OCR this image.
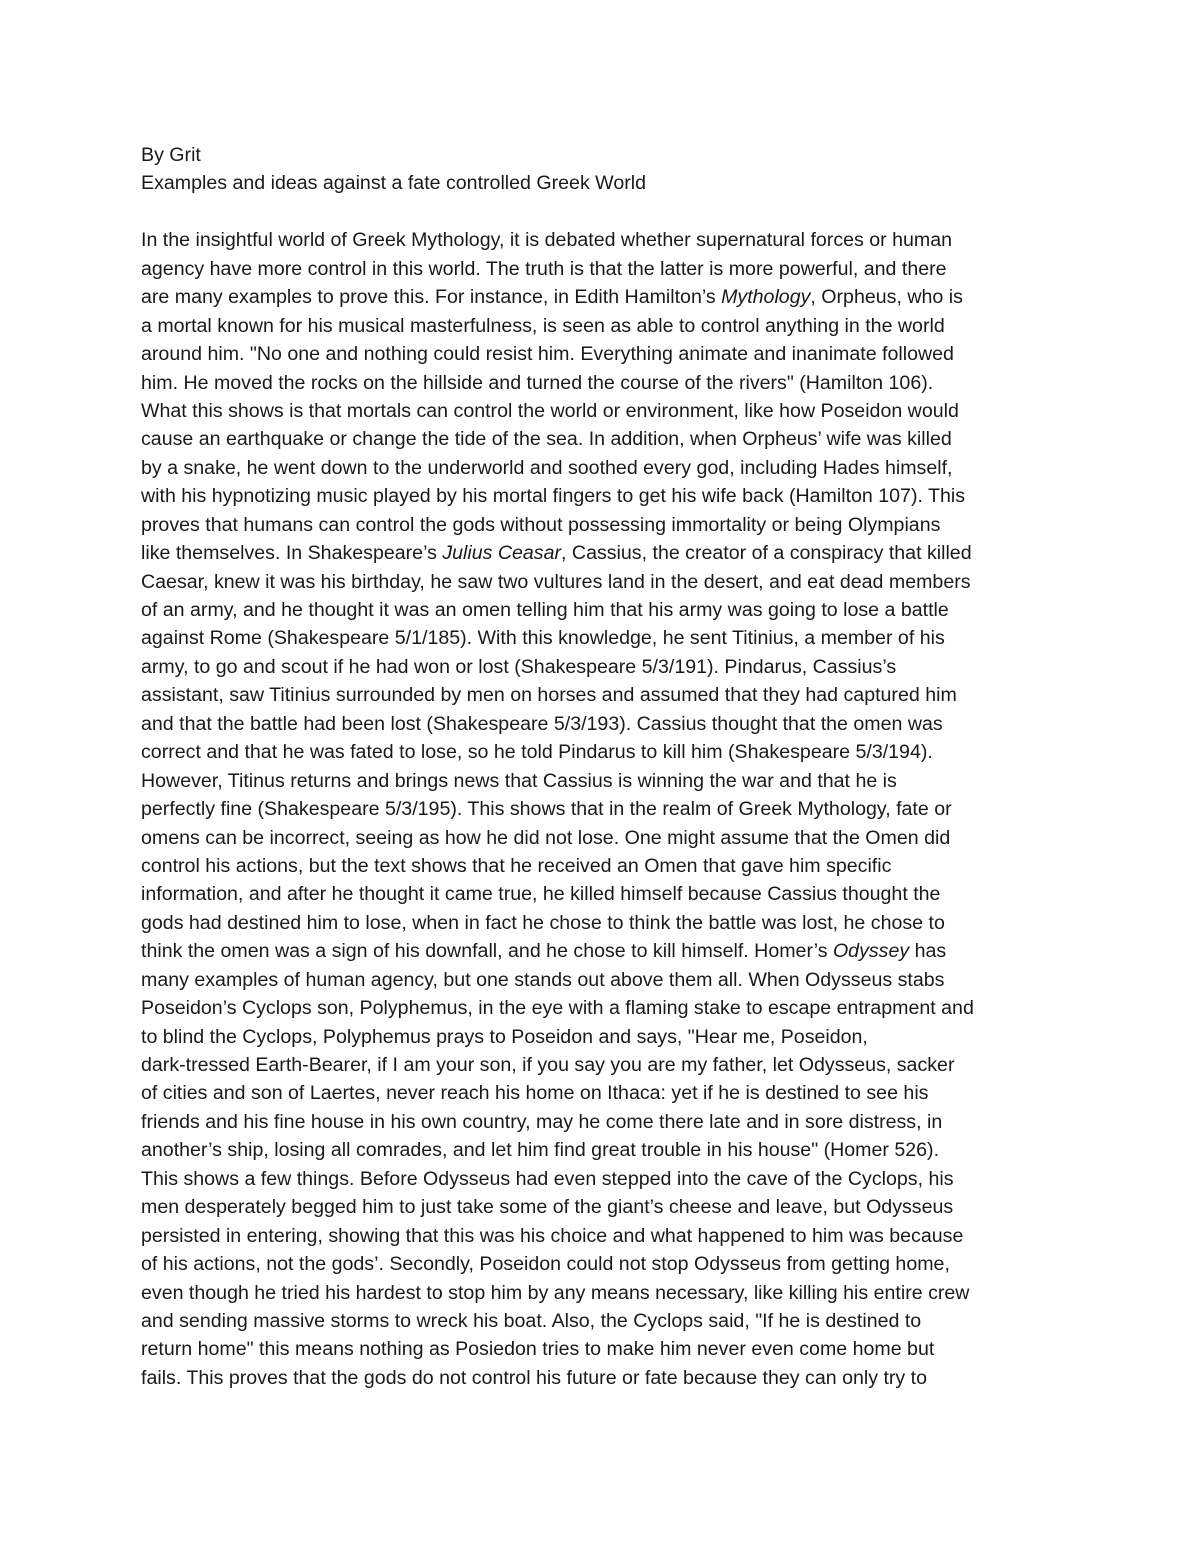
By Grit
Examples and ideas against a fate controlled Greek World
In the insightful world of Greek Mythology, it is debated whether supernatural forces or human
agency have more control in this world. The truth is that the latter is more powerful, and there
are many examples to prove this. For instance, in Edith Hamilton’s Mythology, Orpheus, who is
a mortal known for his musical masterfulness, is seen as able to control anything in the world
around him. "No one and nothing could resist him. Everything animate and inanimate followed
him. He moved the rocks on the hillside and turned the course of the rivers" (Hamilton 106).
What this shows is that mortals can control the world or environment, like how Poseidon would
cause an earthquake or change the tide of the sea. In addition, when Orpheus’ wife was killed
by a snake, he went down to the underworld and soothed every god, including Hades himself,
with his hypnotizing music played by his mortal fingers to get his wife back (Hamilton 107). This
proves that humans can control the gods without possessing immortality or being Olympians
like themselves. In Shakespeare’s Julius Ceasar, Cassius, the creator of a conspiracy that killed
Caesar, knew it was his birthday, he saw two vultures land in the desert, and eat dead members
of an army, and he thought it was an omen telling him that his army was going to lose a battle
against Rome (Shakespeare 5/1/185). With this knowledge, he sent Titinius, a member of his
army, to go and scout if he had won or lost (Shakespeare 5/3/191). Pindarus, Cassius’s
assistant, saw Titinius surrounded by men on horses and assumed that they had captured him
and that the battle had been lost (Shakespeare 5/3/193). Cassius thought that the omen was
correct and that he was fated to lose, so he told Pindarus to kill him (Shakespeare 5/3/194).
However, Titinus returns and brings news that Cassius is winning the war and that he is
perfectly fine (Shakespeare 5/3/195). This shows that in the realm of Greek Mythology, fate or
omens can be incorrect, seeing as how he did not lose. One might assume that the Omen did
control his actions, but the text shows that he received an Omen that gave him specific
information, and after he thought it came true, he killed himself because Cassius thought the
gods had destined him to lose, when in fact he chose to think the battle was lost, he chose to
think the omen was a sign of his downfall, and he chose to kill himself. Homer’s Odyssey has
many examples of human agency, but one stands out above them all. When Odysseus stabs
Poseidon’s Cyclops son, Polyphemus, in the eye with a flaming stake to escape entrapment and
to blind the Cyclops, Polyphemus prays to Poseidon and says, "Hear me, Poseidon,
dark-tressed Earth-Bearer, if I am your son, if you say you are my father, let Odysseus, sacker
of cities and son of Laertes, never reach his home on Ithaca: yet if he is destined to see his
friends and his fine house in his own country, may he come there late and in sore distress, in
another’s ship, losing all comrades, and let him find great trouble in his house" (Homer 526).
This shows a few things. Before Odysseus had even stepped into the cave of the Cyclops, his
men desperately begged him to just take some of the giant’s cheese and leave, but Odysseus
persisted in entering, showing that this was his choice and what happened to him was because
of his actions, not the gods’. Secondly, Poseidon could not stop Odysseus from getting home,
even though he tried his hardest to stop him by any means necessary, like killing his entire crew
and sending massive storms to wreck his boat. Also, the Cyclops said, "If he is destined to
return home" this means nothing as Posiedon tries to make him never even come home but
fails. This proves that the gods do not control his future or fate because they can only try to
